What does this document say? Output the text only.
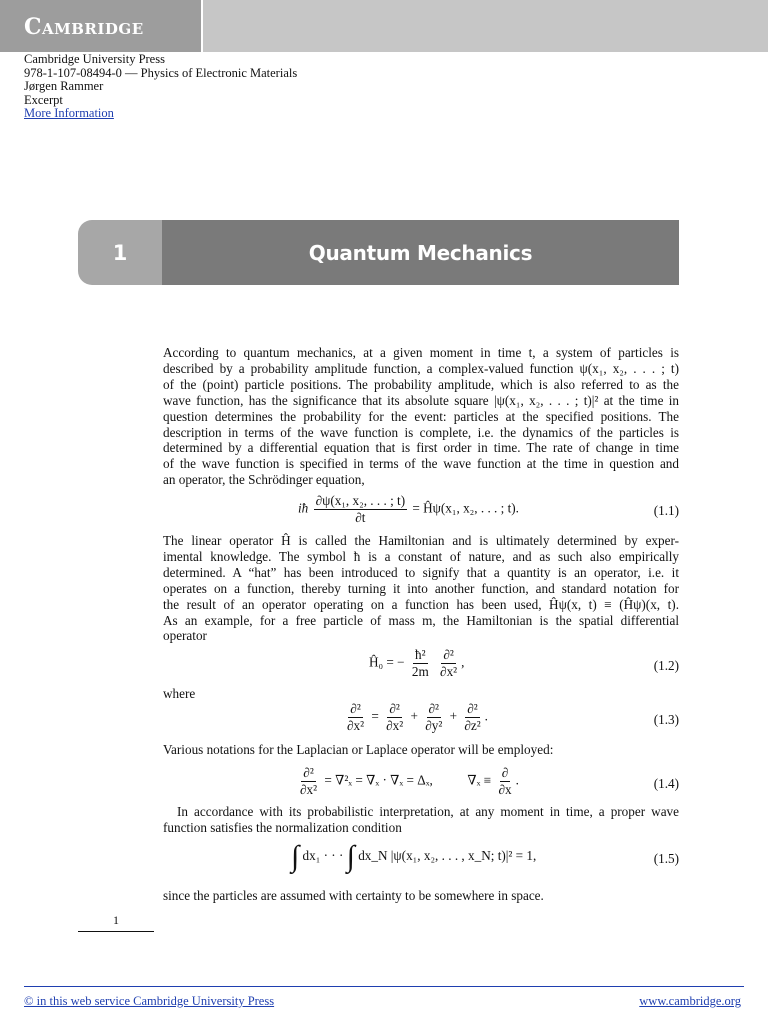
Cambridge
Cambridge University Press
978-1-107-08494-0 — Physics of Electronic Materials
Jørgen Rammer
Excerpt
More Information
1	Quantum Mechanics
According to quantum mechanics, at a given moment in time t, a system of particles is
described by a probability amplitude function, a complex-valued function ψ(x₁, x₂, . . . ; t)
of the (point) particle positions. The probability amplitude, which is also referred to as the
wave function, has the significance that its absolute square |ψ(x₁, x₂, . . . ; t)|² at the time in
question determines the probability for the event: particles at the specified positions. The
description in terms of the wave function is complete, i.e. the dynamics of the particles is
determined by a differential equation that is first order in time. The rate of change in time
of the wave function is specified in terms of the wave function at the time in question and
an operator, the Schrödinger equation,
iħ $\frac{\text{∂ψ(x₁, x₂, . . . ; t)}}{\partial t}$ = Ĥψ(x₁, x₂, . . . ; t).	(1.1)
The linear operator Ĥ is called the Hamiltonian and is ultimately determined by exper-
imental knowledge. The symbol ħ is a constant of nature, and as such also empirically
determined. A “hat” has been introduced to signify that a quantity is an operator, i.e. it
operates on a function, thereby turning it into another function, and standard notation for
the result of an operator operating on a function has been used, Ĥψ(x, t) ≡ (Ĥψ)(x, t).
As an example, for a free particle of mass m, the Hamiltonian is the spatial differential
operator
Ĥ₀ = − $\frac{\text{ħ²}}{2m}$
$\frac{\text{∂²}}{\text{∂x²}}$ ,	(1.2)
where
$\frac{\text{∂²}}{\text{∂x²}} = \frac{\text{∂²}}{\text{∂x²}} + \frac{\text{∂²}}{\text{∂y²}} + \frac{\text{∂²}}{\text{∂z²}}$ .	(1.3)
Various notations for the Laplacian or Laplace operator will be employed:
$\frac{\text{∂²}}{\text{∂x²}} = \nabla^2_x = \nabla_x \cdot \nabla_x = \Delta_x$,	$\nabla_x \equiv \frac{\partial}{\partial x}$ .	(1.4)
In accordance with its probabilistic interpretation, at any moment in time, a proper wave
function satisfies the normalization condition
∫ dx₁ · · · ∫ dx_N |ψ(x₁, x₂, . . . , x_N; t)|² = 1,	(1.5)
since the particles are assumed with certainty to be somewhere in space.
1
© in this web service Cambridge University Press	www.cambridge.org
